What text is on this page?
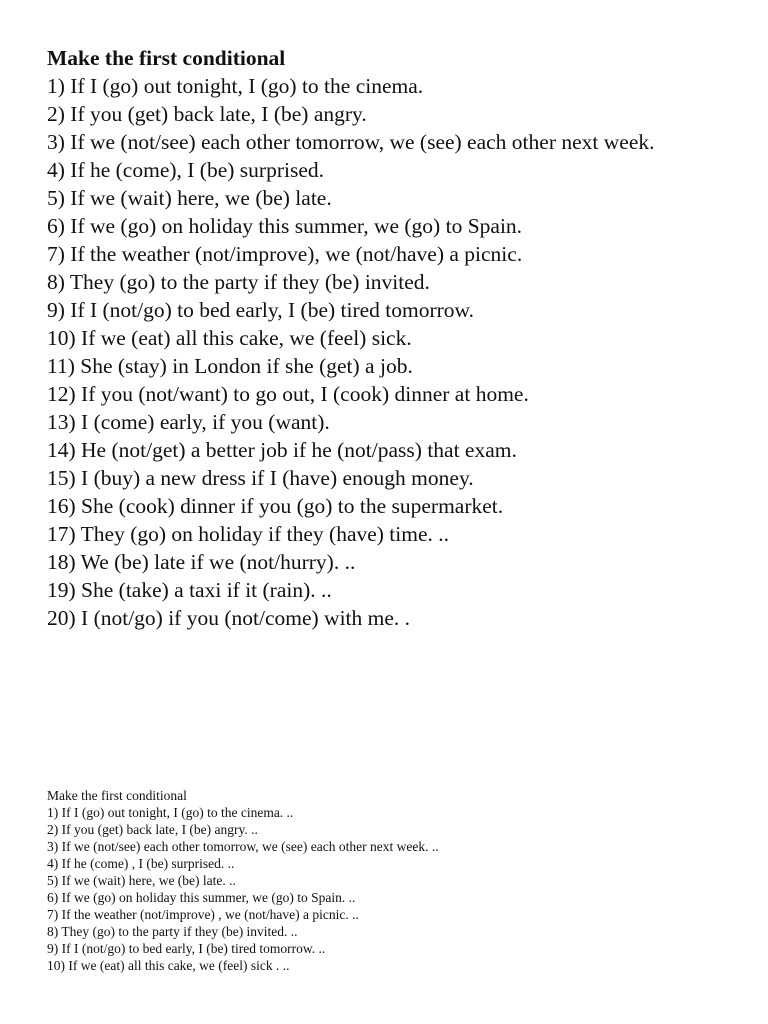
Make the first conditional
1) If I (go) out tonight, I (go) to the cinema.
2) If you (get) back late, I (be) angry.
3) If we (not/see) each other tomorrow, we (see) each other next week.
4) If he (come), I (be) surprised.
5) If we (wait) here, we (be) late.
6) If we (go) on holiday this summer, we (go) to Spain.
7) If the weather (not/improve), we (not/have) a picnic.
8) They (go) to the party if they (be) invited.
9) If I (not/go) to bed early, I (be) tired tomorrow.
10) If we (eat) all this cake, we (feel) sick.
11) She (stay) in London if she (get) a job.
12) If you (not/want) to go out, I (cook) dinner at home.
13) I (come) early, if you (want).
14) He (not/get) a better job if he (not/pass) that exam.
15) I (buy) a new dress if I (have) enough money.
16) She (cook) dinner if you (go) to the supermarket.
17) They (go) on holiday if they (have) time. ..
18) We (be) late if we (not/hurry). ..
19) She (take) a taxi if it (rain). ..
20) I (not/go) if you (not/come) with me. .
Make the first conditional
1) If I (go) out tonight, I (go) to the cinema. ..
2) If you (get) back late, I (be) angry. ..
3) If we (not/see) each other tomorrow, we (see) each other next week. ..
4) If he (come) , I (be) surprised. ..
5) If we (wait) here, we (be) late. ..
6) If we (go) on holiday this summer, we (go) to Spain. ..
7) If the weather (not/improve) , we (not/have) a picnic. ..
8) They (go) to the party if they (be) invited. ..
9) If I (not/go) to bed early, I (be) tired tomorrow. ..
10) If we (eat) all this cake, we (feel) sick . ..
